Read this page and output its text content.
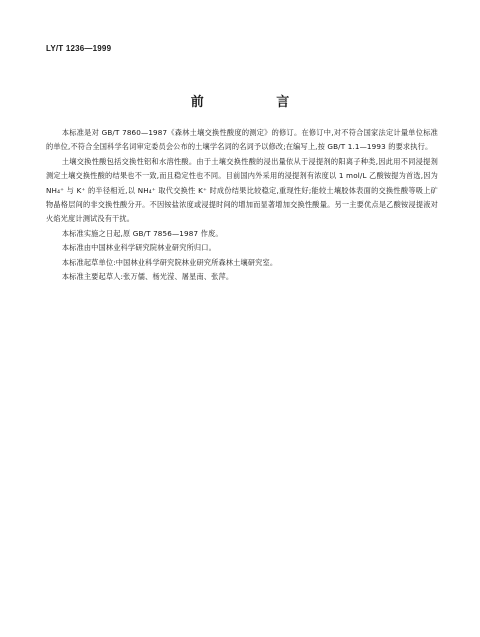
LY/T 1236—1999
前 言

本标准是对 GB/T 7860—1987《森林土壤交换性酸度的测定》的修订。在修订中,对不符合国家法定计量单位标准的单位,不符合全国科学名词审定委员会公布的土壤学名词的名词予以修改;在编写上,按 GB/T 1.1—1993 的要求执行。

土壤交换性酸包括交换性铝和水溶性酸。由于土壤交换性酸的浸出量依从于浸提剂的阳离子种类,因此用不同浸提剂测定土壤交换性酸的结果也不一致,而且稳定性也不同。目前国内外采用的浸提剂有浓度以 1 mol/L 乙酸铵提为首选,因为 NH₄⁺ 与 K⁺ 的半径相近,以 NH₄⁺ 取代交换性 K⁺ 时成份结果比较稳定,重现性好;能较土壤胶体表面的交换性酸等吸上矿物晶格层间的非交换性酸分开。不因铵盐浓度或浸提时间的增加而显著增加交换性酸量。另一主要优点是乙酸铵浸提液对火焰光度计测试没有干扰。

本标准实施之日起,原 GB/T 7856—1987 作废。

本标准由中国林业科学研究院林业研究所归口。

本标准起草单位:中国林业科学研究院林业研究所森林土壤研究室。

本标准主要起草人:张万儒、杨光滢、屠星南、张萍。
